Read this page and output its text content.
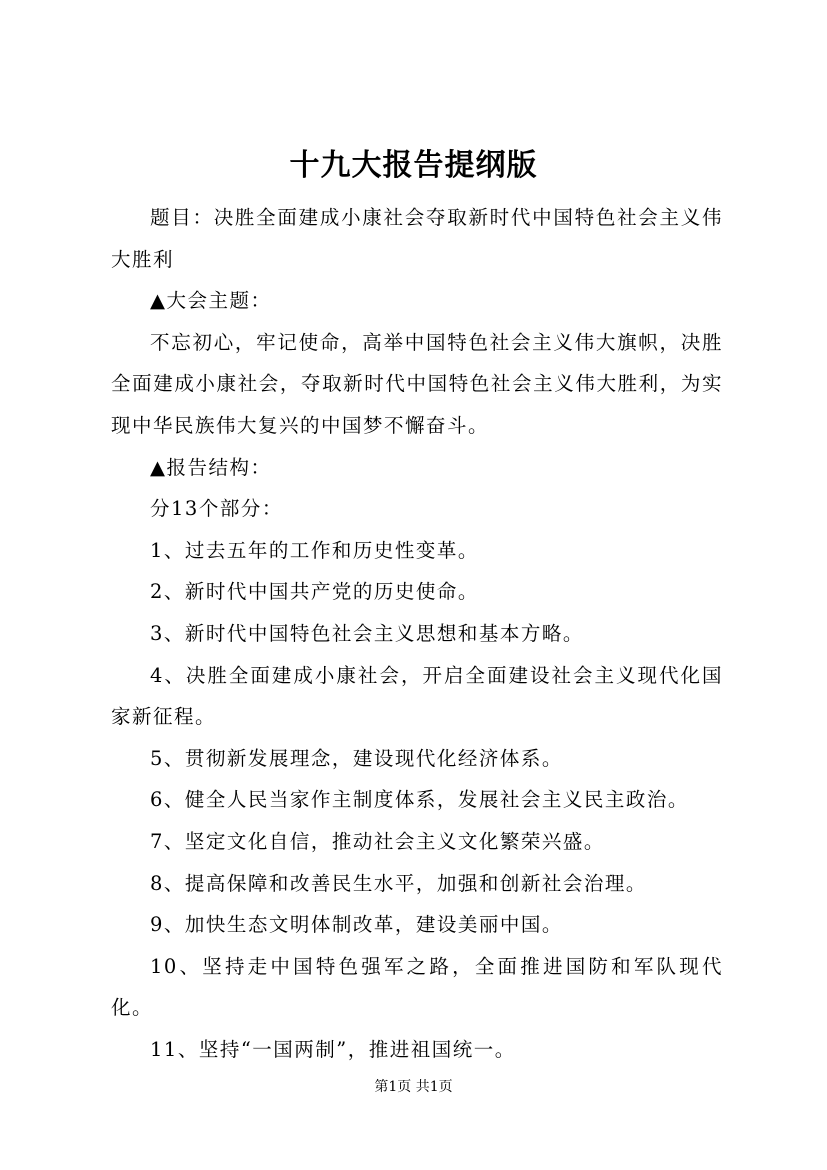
十九大报告提纲版

题目：决胜全面建成小康社会夺取新时代中国特色社会主义伟大胜利

▲大会主题：

不忘初心，牢记使命，高举中国特色社会主义伟大旗帜，决胜全面建成小康社会，夺取新时代中国特色社会主义伟大胜利，为实现中华民族伟大复兴的中国梦不懈奋斗。

▲报告结构：

分13个部分：

1、过去五年的工作和历史性变革。

2、新时代中国共产党的历史使命。

3、新时代中国特色社会主义思想和基本方略。

4、决胜全面建成小康社会，开启全面建设社会主义现代化国家新征程。

5、贯彻新发展理念，建设现代化经济体系。

6、健全人民当家作主制度体系，发展社会主义民主政治。

7、坚定文化自信，推动社会主义文化繁荣兴盛。

8、提高保障和改善民生水平，加强和创新社会治理。

9、加快生态文明体制改革，建设美丽中国。

10、坚持走中国特色强军之路，全面推进国防和军队现代化。

11、坚持“一国两制”，推进祖国统一。

第1页 共1页
